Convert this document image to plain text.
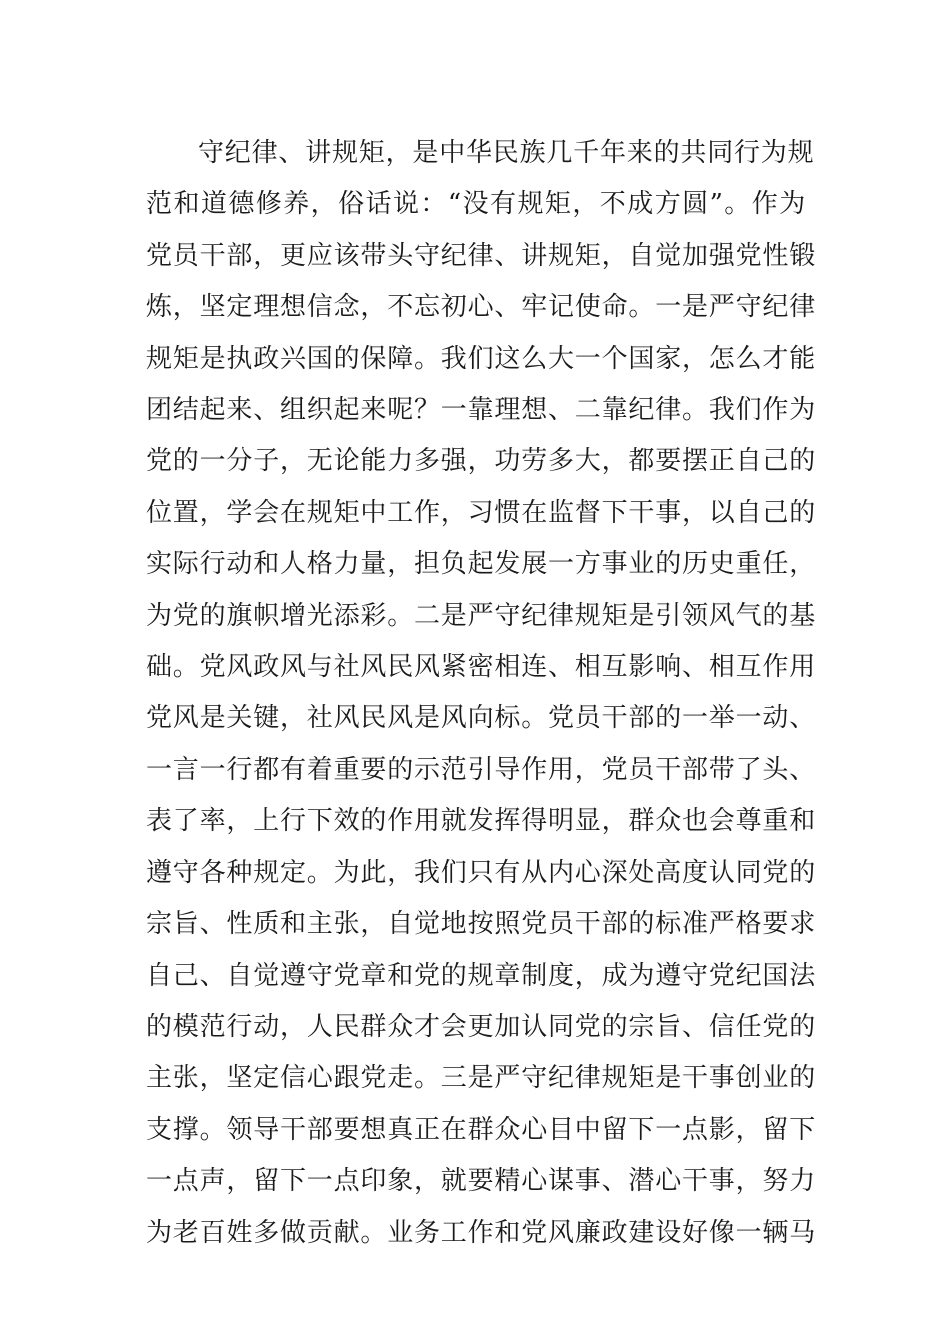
守纪律、讲规矩，是中华民族几千年来的共同行为规
范和道德修养，俗话说：“没有规矩，不成方圆”。作为
党员干部，更应该带头守纪律、讲规矩，自觉加强党性锻
炼，坚定理想信念，不忘初心、牢记使命。一是严守纪律
规矩是执政兴国的保障。我们这么大一个国家，怎么才能
团结起来、组织起来呢？一靠理想、二靠纪律。我们作为
党的一分子，无论能力多强，功劳多大，都要摆正自己的
位置，学会在规矩中工作，习惯在监督下干事，以自己的
实际行动和人格力量，担负起发展一方事业的历史重任，
为党的旗帜增光添彩。二是严守纪律规矩是引领风气的基
础。党风政风与社风民风紧密相连、相互影响、相互作用
党风是关键，社风民风是风向标。党员干部的一举一动、
一言一行都有着重要的示范引导作用，党员干部带了头、
表了率，上行下效的作用就发挥得明显，群众也会尊重和
遵守各种规定。为此，我们只有从内心深处高度认同党的
宗旨、性质和主张，自觉地按照党员干部的标准严格要求
自己、自觉遵守党章和党的规章制度，成为遵守党纪国法
的模范行动，人民群众才会更加认同党的宗旨、信任党的
主张，坚定信心跟党走。三是严守纪律规矩是干事创业的
支撑。领导干部要想真正在群众心目中留下一点影，留下
一点声，留下一点印象，就要精心谋事、潜心干事，努力
为老百姓多做贡献。业务工作和党风廉政建设好像一辆马
